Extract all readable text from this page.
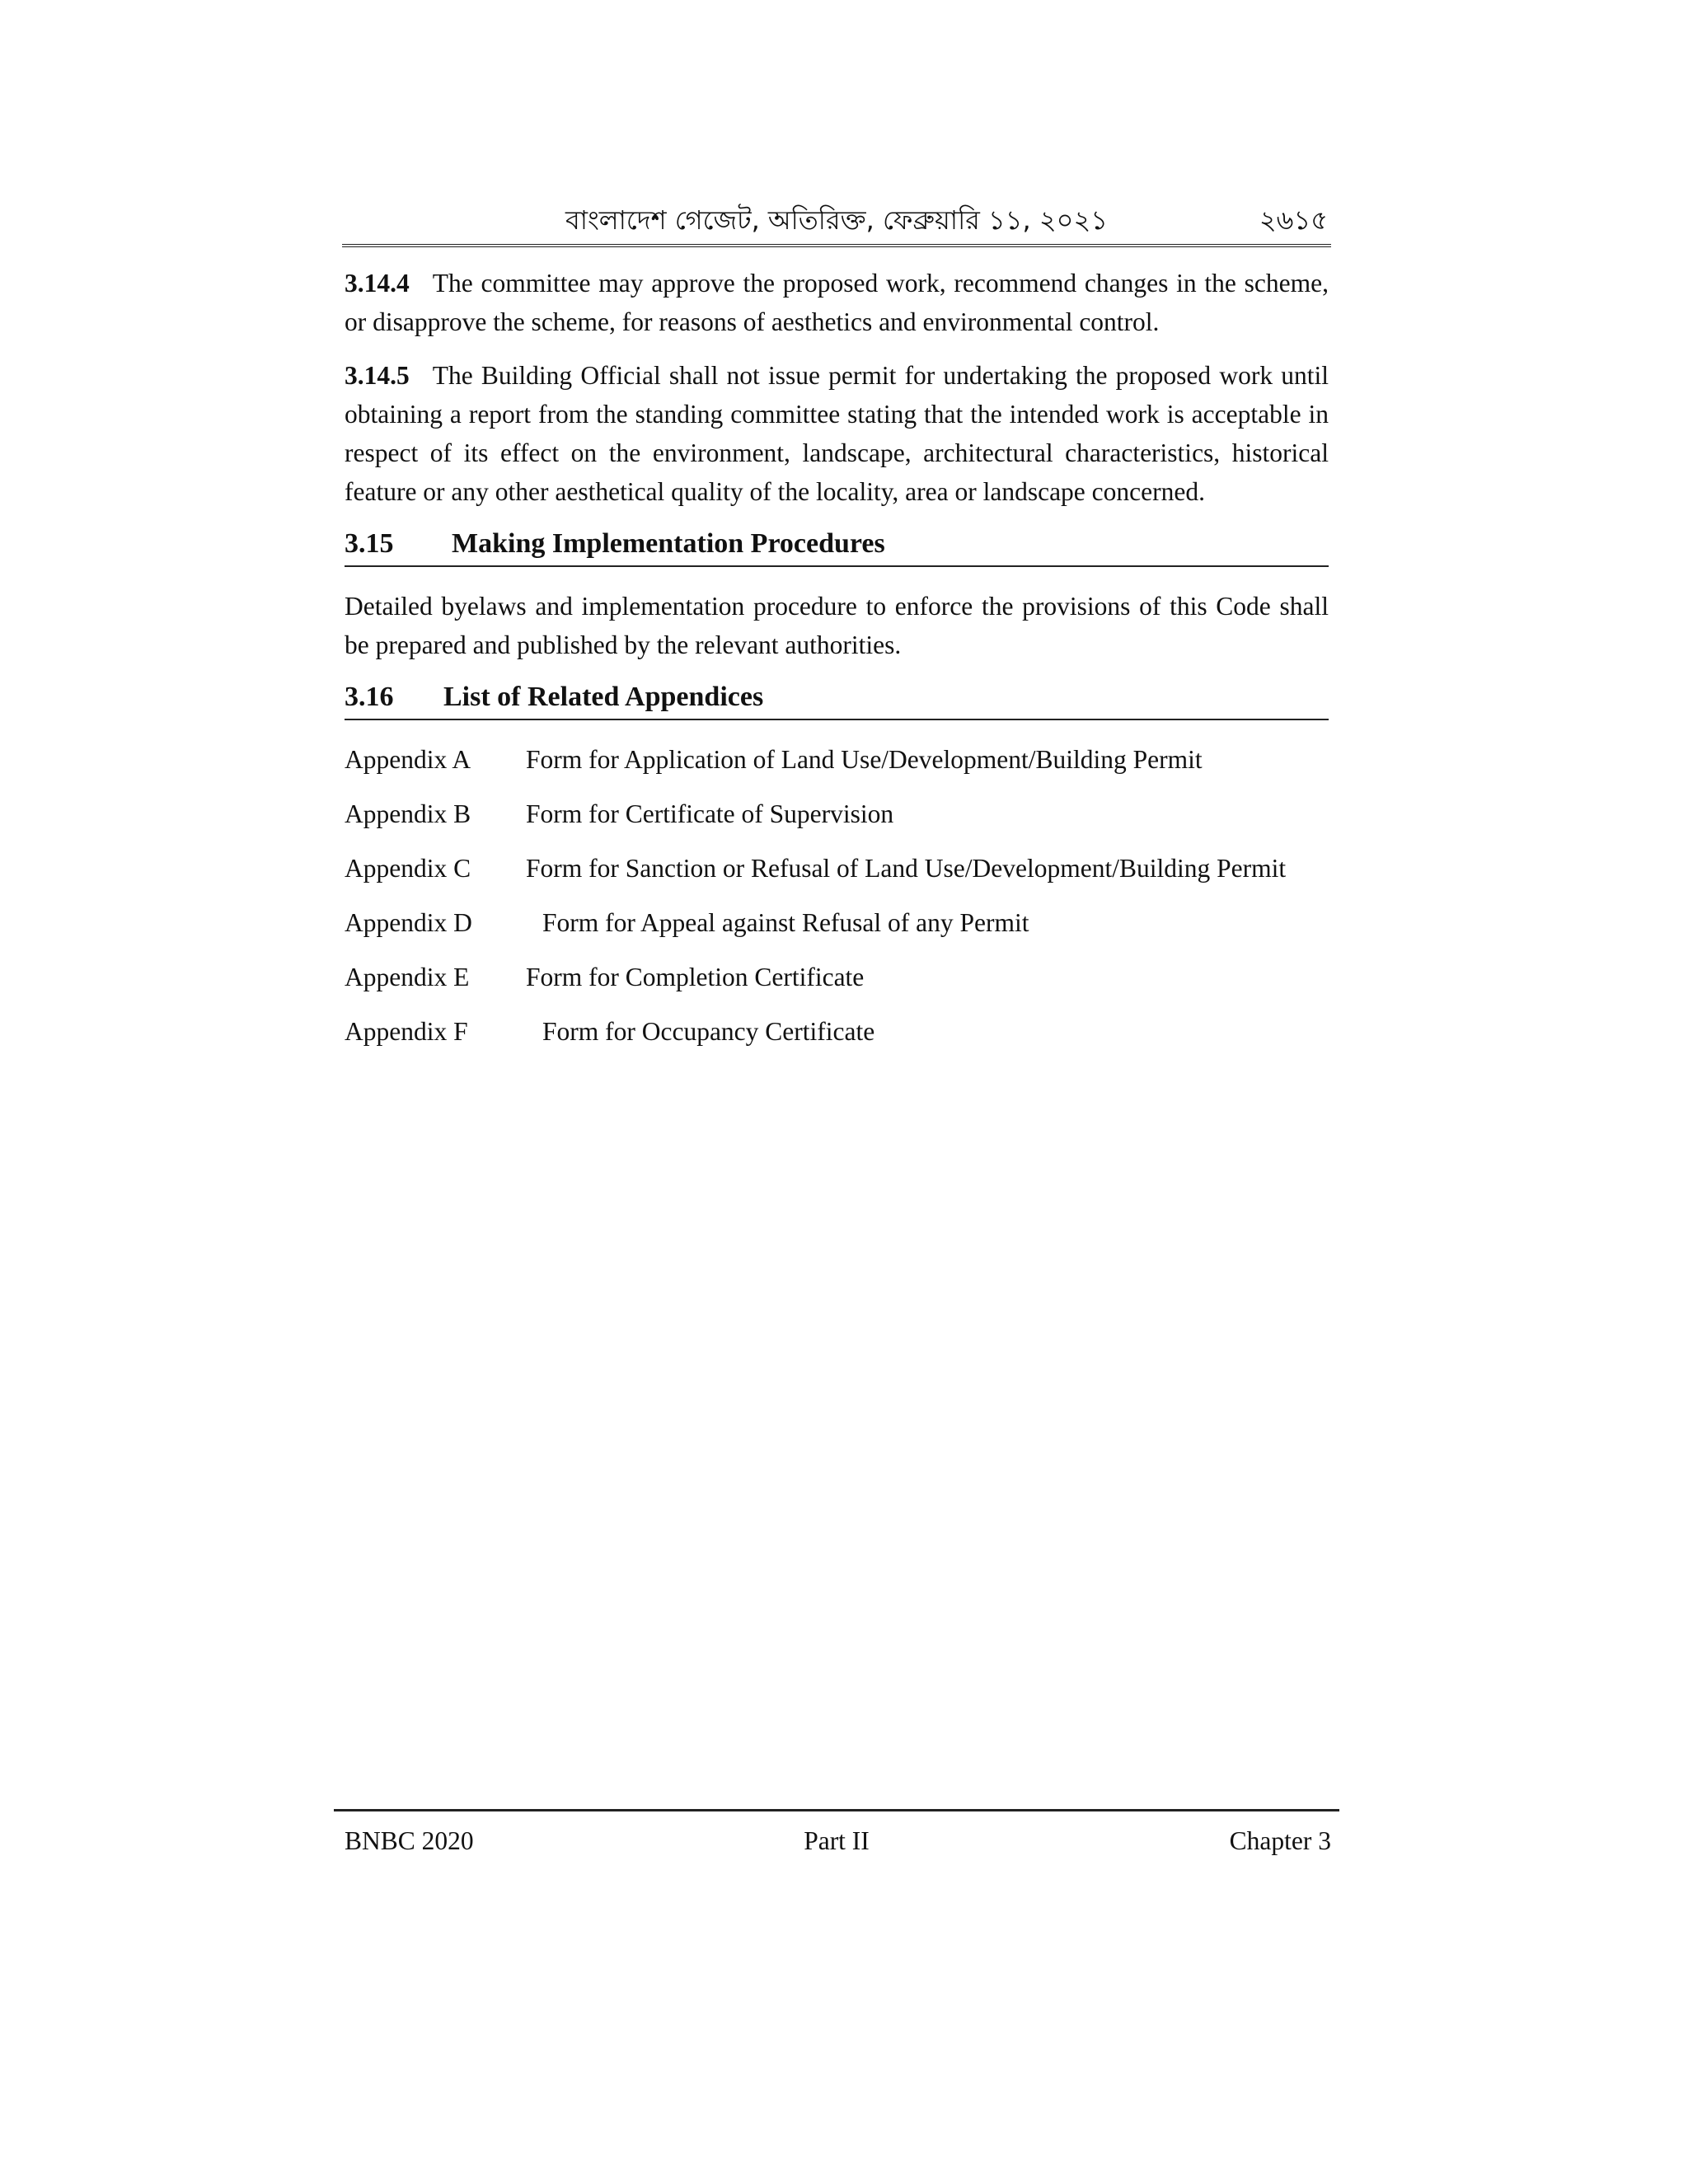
বাংলাদেশ গেজেট, অতিরিক্ত, ফেব্রুয়ারি ১১, ২০২১	২৬১৫

3.14.4 The committee may approve the proposed work, recommend changes in the scheme, or disapprove the scheme, for reasons of aesthetics and environmental control.

3.14.5 The Building Official shall not issue permit for undertaking the proposed work until obtaining a report from the standing committee stating that the intended work is acceptable in respect of its effect on the environment, landscape, architectural characteristics, historical feature or any other aesthetical quality of the locality, area or landscape concerned.

3.15 Making Implementation Procedures

Detailed byelaws and implementation procedure to enforce the provisions of this Code shall be prepared and published by the relevant authorities.

3.16 List of Related Appendices
Appendix A	Form for Application of Land Use/Development/Building Permit
Appendix B	Form for Certificate of Supervision
Appendix C	Form for Sanction or Refusal of Land Use/Development/Building Permit
Appendix D	Form for Appeal against Refusal of any Permit
Appendix E	Form for Completion Certificate
Appendix F	Form for Occupancy Certificate
BNBC 2020	Part II	Chapter 3
